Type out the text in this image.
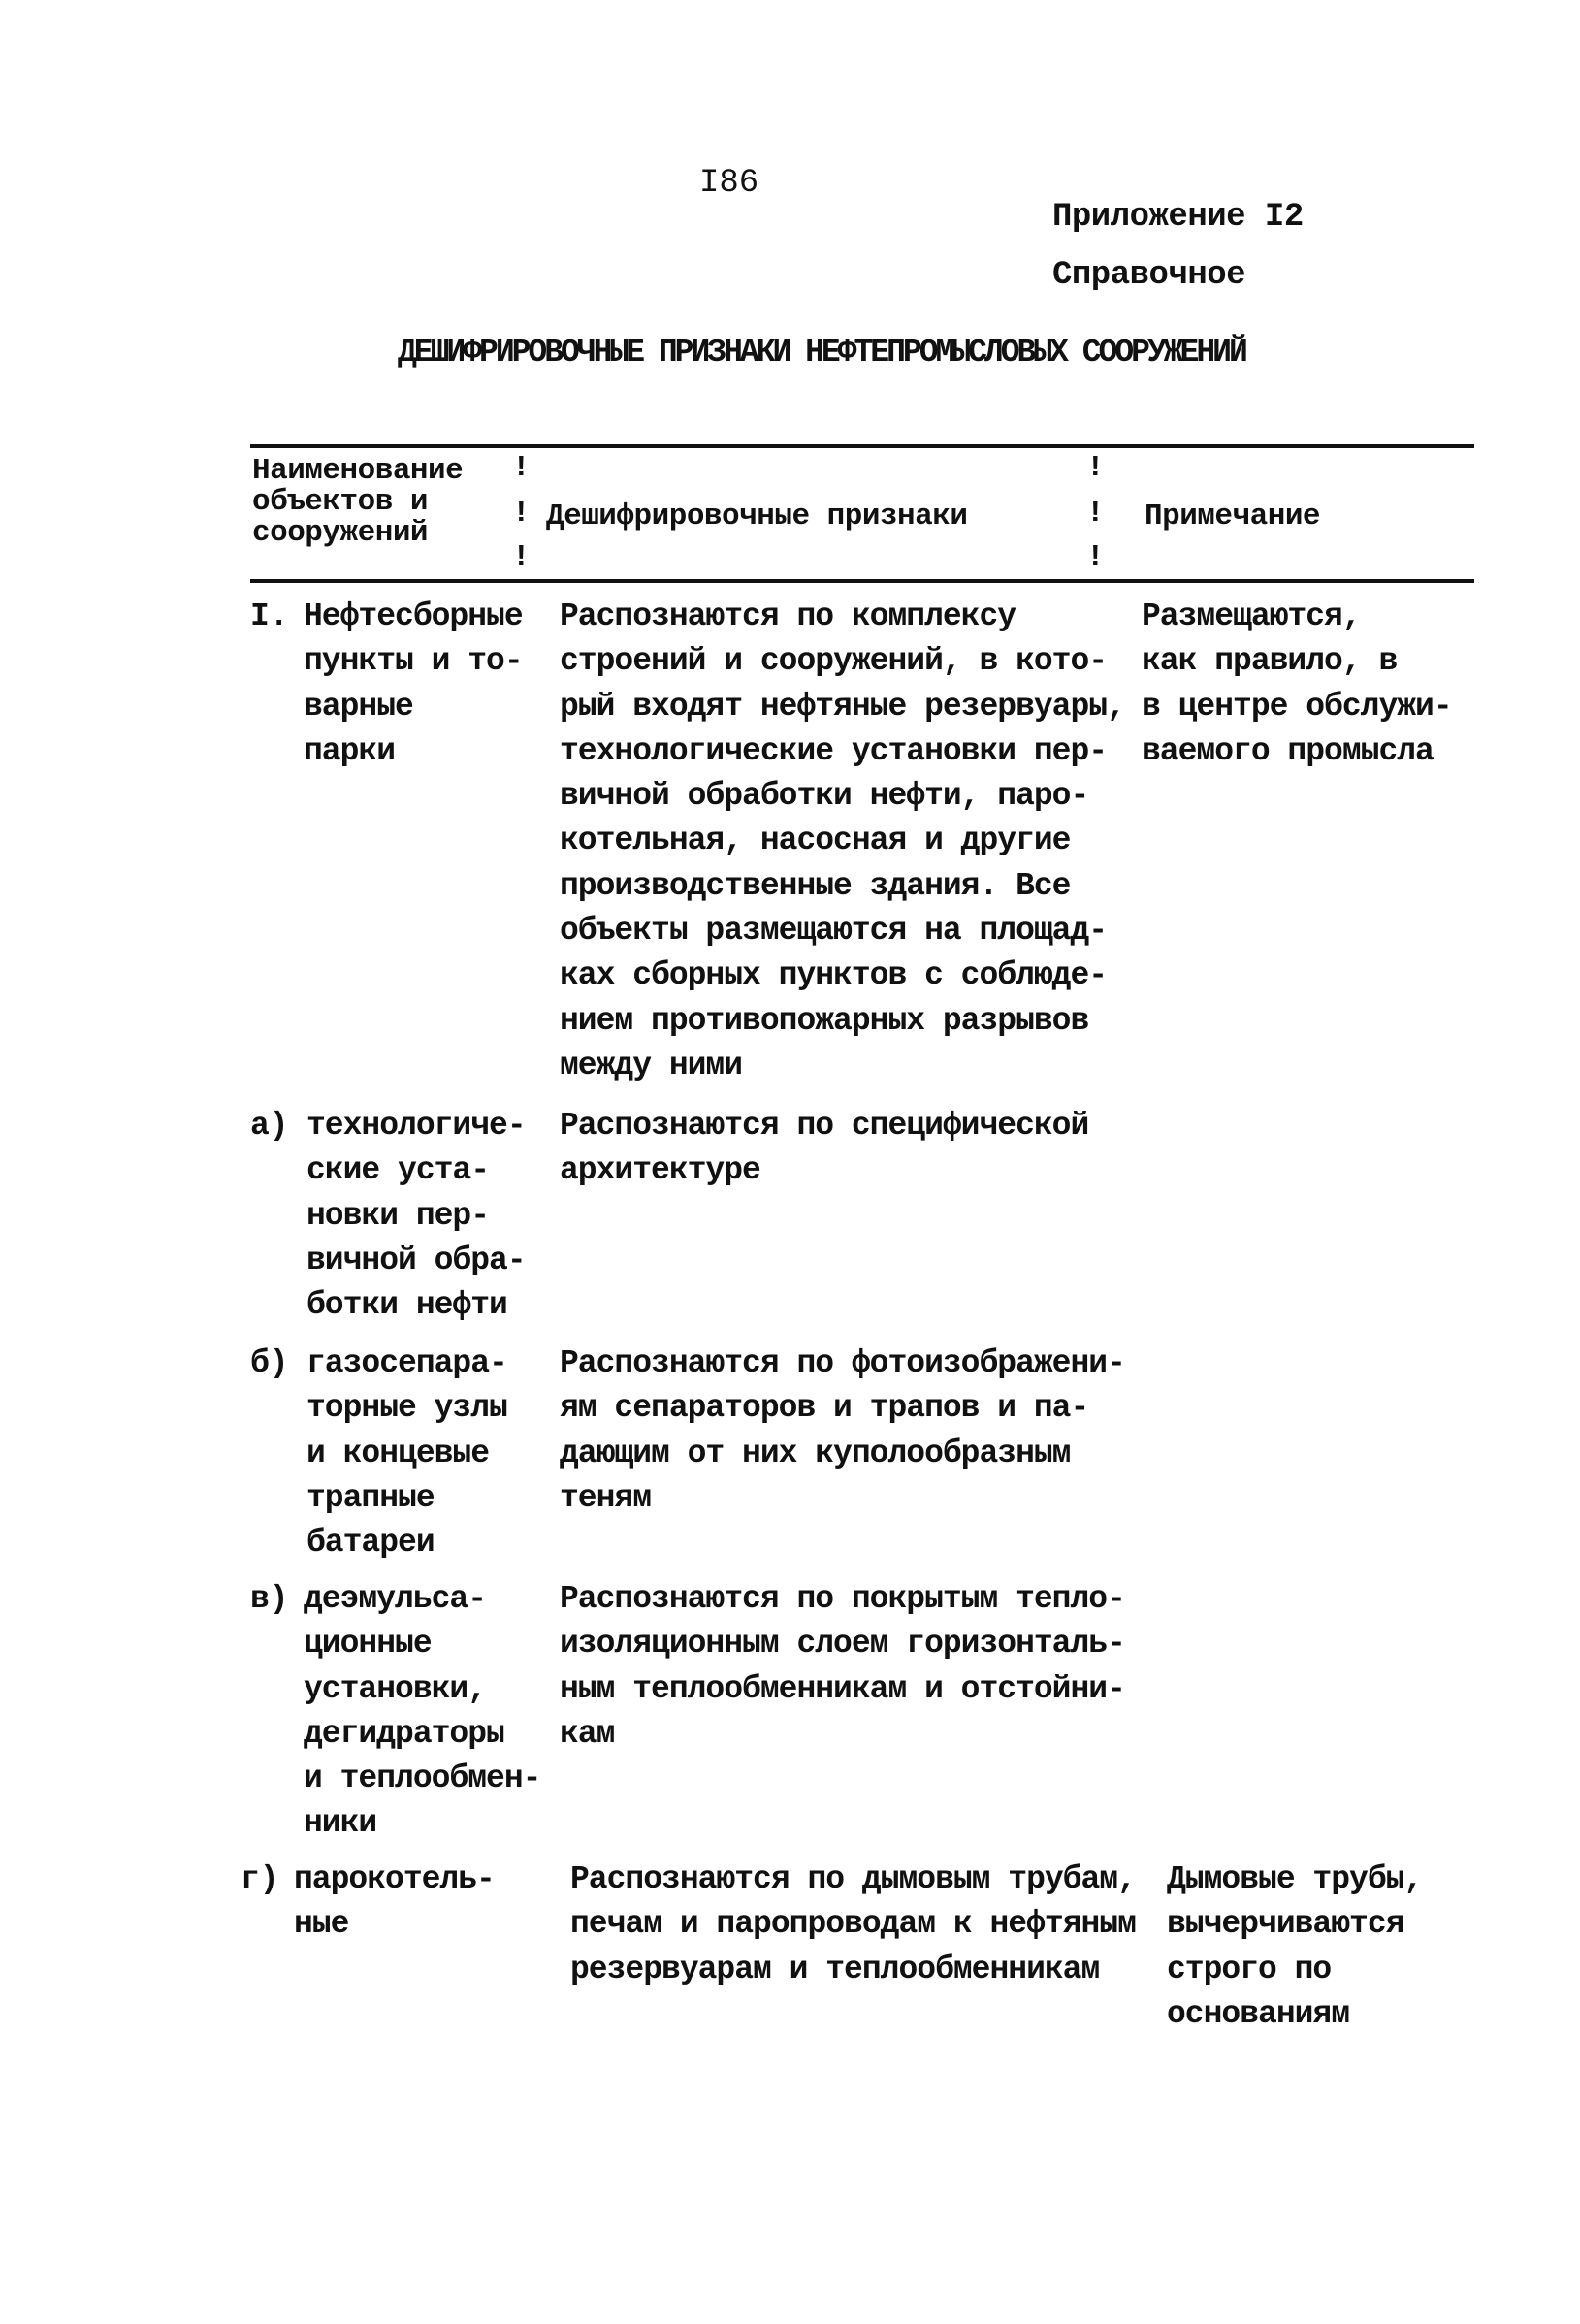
I86
Приложение I2
Справочное
ДЕШИФРИРОВОЧНЫЕ ПРИЗНАКИ НЕФТЕПРОМЫСЛОВЫХ СООРУЖЕНИЙ
Наименование объектов и сооружений	Дешифрировочные признаки	Примечание
!
!
!
!
!
!
I. Нефтесборные
пункты и то-
варные
парки
Распознаются по комплексу
строений и сооружений, в кото-
рый входят нефтяные резервуары,
технологические установки пер-
вичной обработки нефти, паро-
котельная, насосная и другие
производственные здания. Все
объекты размещаются на площад-
ках сборных пунктов с соблюде-
нием противопожарных разрывов
между ними
Размещаются,
как правило, в
в центре обслужи-
ваемого промысла
а) технологиче-
ские уста-
новки пер-
вичной обра-
ботки нефти
Распознаются по специфической
архитектуре
б) газосепара-
торные узлы
и концевые
трапные
батареи
Распознаются по фотоизображени-
ям сепараторов и трапов и па-
дающим от них куполообразным
теням
в) деэмульса-
ционные
установки,
дегидраторы
и теплообмен-
ники
Распознаются по покрытым тепло-
изоляционным слоем горизонталь-
ным теплообменникам и отстойни-
кам
г) парокотель-
ные
Распознаются по дымовым трубам,
печам и паропроводам к нефтяным
резервуарам и теплообменникам
Дымовые трубы,
вычерчиваются
строго по
основаниям
